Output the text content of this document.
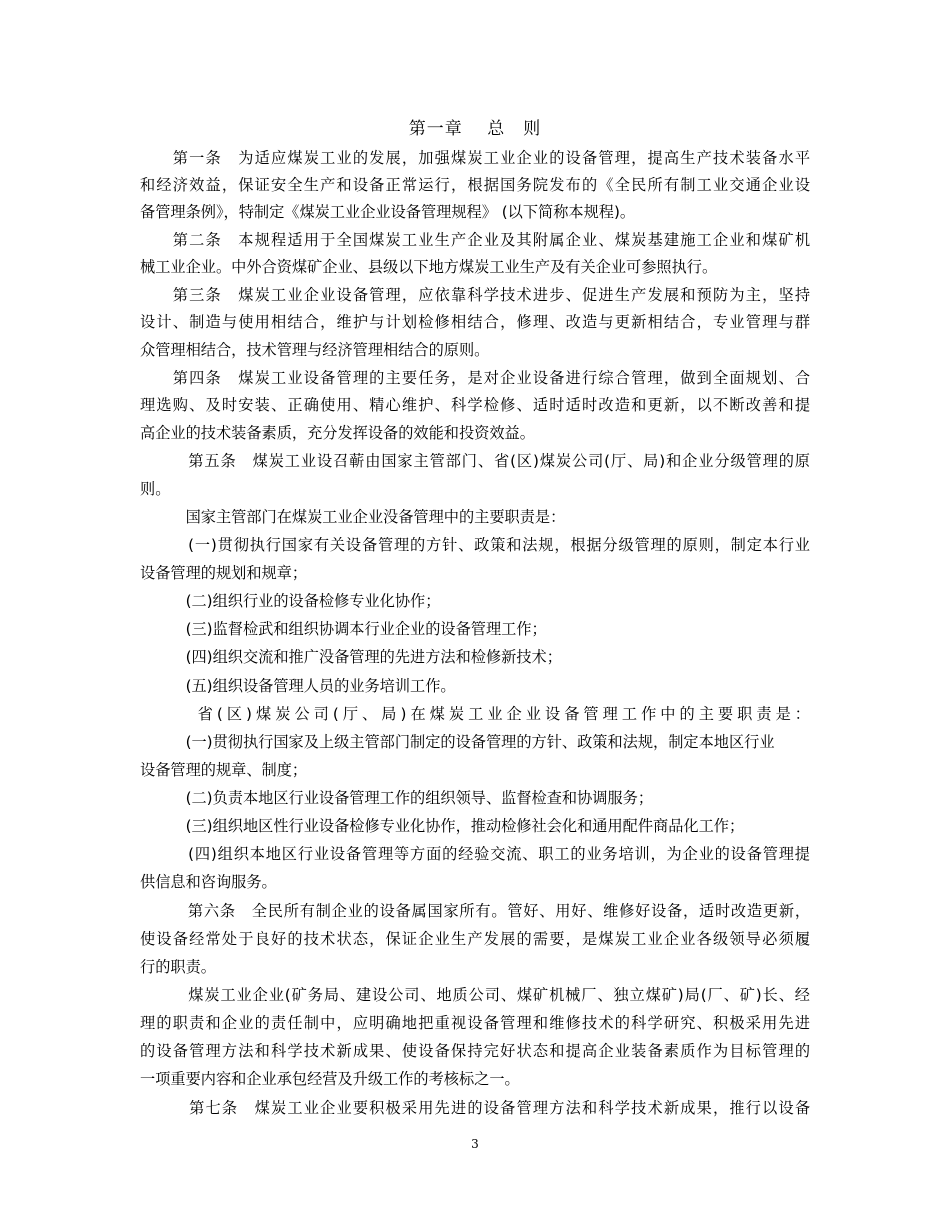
第一章　 总　则
　　第一条　为适应煤炭工业的发展，加强煤炭工业企业的设备管理，提高生产技术装备水平
和经济效益，保证安全生产和设备正常运行，根据国务院发布的《全民所有制工业交通企业设
备管理条例》，特制定《煤炭工业企业设备管理规程》 (以下简称本规程)。
　　第二条　本规程适用于全国煤炭工业生产企业及其附属企业、煤炭基建施工企业和煤矿机
械工业企业。中外合资煤矿企业、县级以下地方煤炭工业生产及有关企业可参照执行。
　　第三条　煤炭工业企业设备管理，应依靠科学技术进步、促进生产发展和预防为主，坚持
设计、制造与使用相结合，维护与计划检修相结合，修理、改造与更新相结合，专业管理与群
众管理相结合，技术管理与经济管理相结合的原则。
　　第四条　煤炭工业设备管理的主要任务，是对企业设备进行综合管理，做到全面规划、合
理选购、及时安装、正确使用、精心维护、科学检修、适时适时改造和更新，以不断改善和提
高企业的技术装备素质，充分发挥设备的效能和投资效益。
　　　第五条　煤炭工业设召蕲由国家主管部门、省(区)煤炭公司(厅、局)和企业分级管理的原
则。
　　　国家主管部门在煤炭工业企业没备管理中的主要职责是：
　　　(一)贯彻执行国家有关设备管理的方针、政策和法规，根据分级管理的原则，制定本行业
设备管理的规划和规章；
　　　(二)组织行业的设备检修专业化协作；
　　　(三)监督检武和组织协调本行业企业的设备管理工作；
　　　(四)组织交流和推广没备管理的先进方法和检修新技术；
　　　(五)组织设备管理人员的业务培训工作。
　　　省(区)煤炭公司(厅、局)在煤炭工业企业设备管理工作中的主要职责是：
　　　(一)贯彻执行国家及上级主管部门制定的设备管理的方针、政策和法规，制定本地区行业
设备管理的规章、制度；
　　　(二)负责本地区行业设备管理工作的组织领导、监督检查和协调服务；
　　　(三)组织地区性行业设备检修专业化协作，推动检修社会化和通用配件商品化工作；
　　　(四)组织本地区行业设备管理等方面的经验交流、职工的业务培训，为企业的设备管理提
供信息和咨询服务。
　　　第六条　全民所有制企业的设备属国家所有。管好、用好、维修好设备，适时改造更新，
使设备经常处于良好的技术状态，保证企业生产发展的需要，是煤炭工业企业各级领导必须履
行的职责。
　　　煤炭工业企业(矿务局、建设公司、地质公司、煤矿机械厂、独立煤矿)局(厂、矿)长、经
理的职责和企业的责任制中，应明确地把重视设备管理和维修技术的科学研究、积极采用先进
的设备管理方法和科学技术新成果、使设备保持完好状态和提高企业装备素质作为目标管理的
一项重要内容和企业承包经营及升级工作的考核标之一。
　　　第七条　煤炭工业企业要积极采用先进的设备管理方法和科学技术新成果，推行以设备
3
